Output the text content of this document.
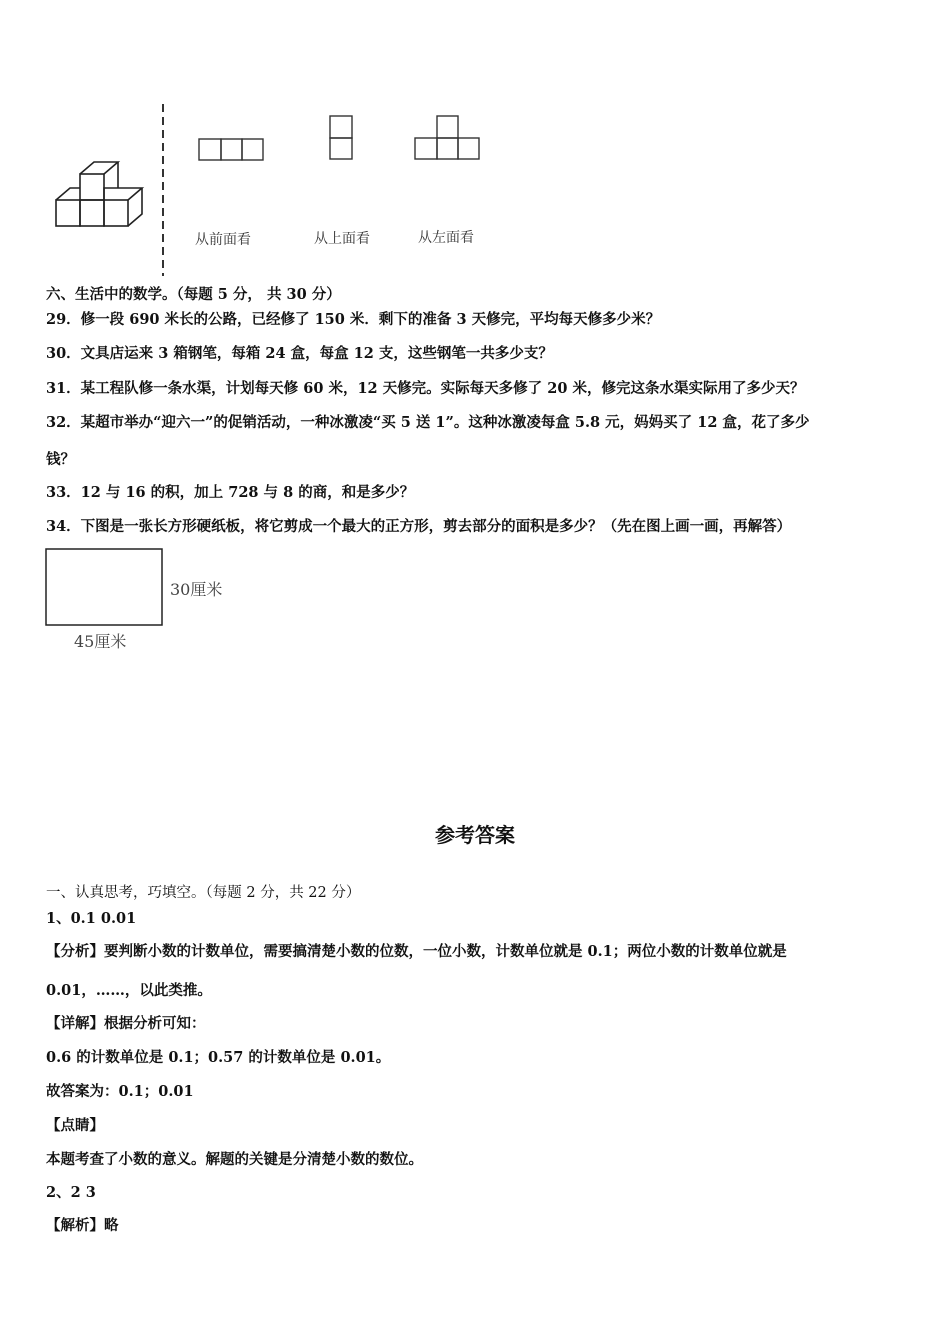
从前面看	从上面看	从左面看
六、生活中的数学。（每题 5 分， 共 30 分）
29．修一段 690 米长的公路，已经修了 150 米．剩下的准备 3 天修完，平均每天修多少米？
30．文具店运来 3 箱钢笔，每箱 24 盒，每盒 12 支，这些钢笔一共多少支？
31．某工程队修一条水渠，计划每天修 60 米，12 天修完。实际每天多修了 20 米，修完这条水渠实际用了多少天？
32．某超市举办“迎六一”的促销活动，一种冰激凌“买 5 送 1”。这种冰激凌每盒 5.8 元，妈妈买了 12 盒，花了多少
钱？
33．12 与 16 的积，加上 728 与 8 的商，和是多少？
34．下图是一张长方形硬纸板，将它剪成一个最大的正方形，剪去部分的面积是多少？（先在图上画一画，再解答）
30厘米
45厘米
参考答案
一、认真思考，巧填空。（每题 2 分，共 22 分）
1、0.1 0.01
【分析】要判断小数的计数单位，需要搞清楚小数的位数，一位小数，计数单位就是 0.1；两位小数的计数单位就是
0.01，……，以此类推。
【详解】根据分析可知：
0.6 的计数单位是 0.1；0.57 的计数单位是 0.01。
故答案为：0.1；0.01
【点睛】
本题考查了小数的意义。解题的关键是分清楚小数的数位。
2、2 3
【解析】略
